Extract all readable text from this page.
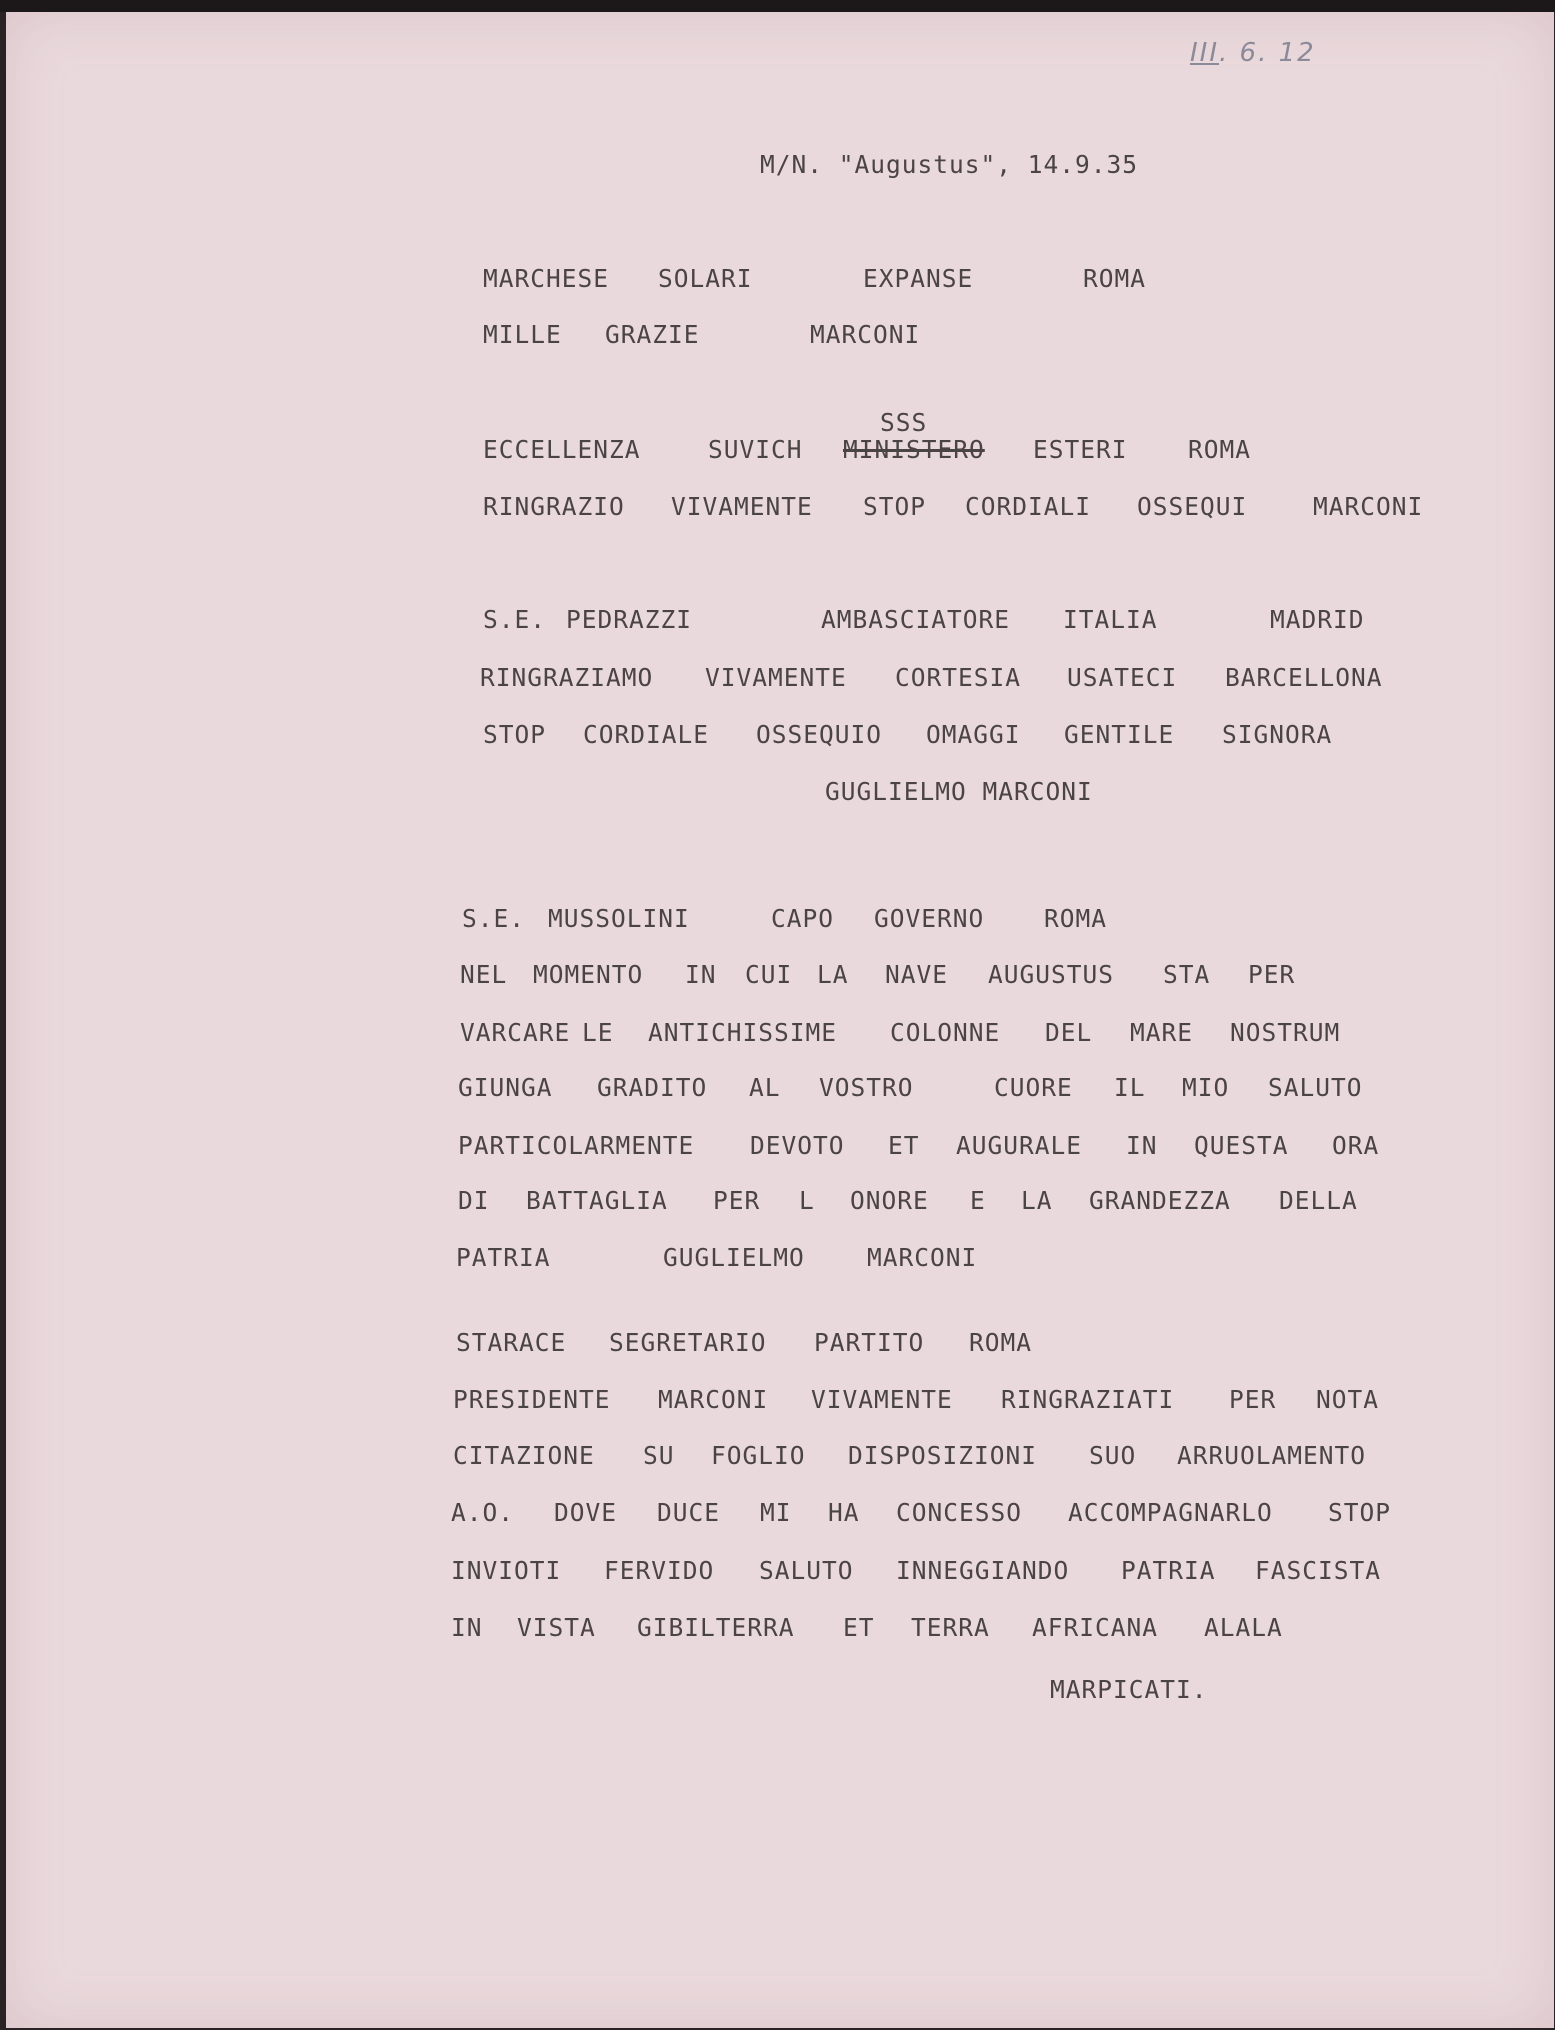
III. 6. 12
M/N. "Augustus", 14.9.35
MARCHESE SOLARI	EXPANSE	ROMA
MILLE GRAZIE	MARCONI
SSS
ECCELLENZA	SUVICH MINISTERO ESTERI ROMA
RINGRAZIO VIVAMENTE STOP CORDIALI OSSEQUI	MARCONI
S.E. PEDRAZZI	AMBASCIATORE ITALIA	MADRID
RINGRAZIAMO VIVAMENTE CORTESIA USATECI BARCELLONA
STOP CORDIALE OSSEQUIO OMAGGI GENTILE SIGNORA
GUGLIELMO MARCONI
S.E. MUSSOLINI	CAPO GOVERNO ROMA
NEL MOMENTO IN CUI LA NAVE AUGUSTUS STA PER
VARCARE LE ANTICHISSIME COLONNE DEL MARE NOSTRUM
GIUNGA GRADITO AL VOSTRO	CUORE IL MIO SALUTO
PARTICOLARMENTE DEVOTO ET AUGURALE IN QUESTA ORA
DI BATTAGLIA PER L ONORE E LA GRANDEZZA DELLA
PATRIA	GUGLIELMO	MARCONI
STARACE SEGRETARIO PARTITO ROMA
PRESIDENTE MARCONI VIVAMENTE RINGRAZIATI PER NOTA
CITAZIONE SU FOGLIO DISPOSIZIONI SUO ARRUOLAMENTO
A.O. DOVE DUCE MI HA CONCESSO ACCOMPAGNARLO STOP
INVIOTI FERVIDO SALUTO INNEGGIANDO PATRIA FASCISTA
IN VISTA GIBILTERRA ET TERRA AFRICANA ALALA
MARPICATI.
